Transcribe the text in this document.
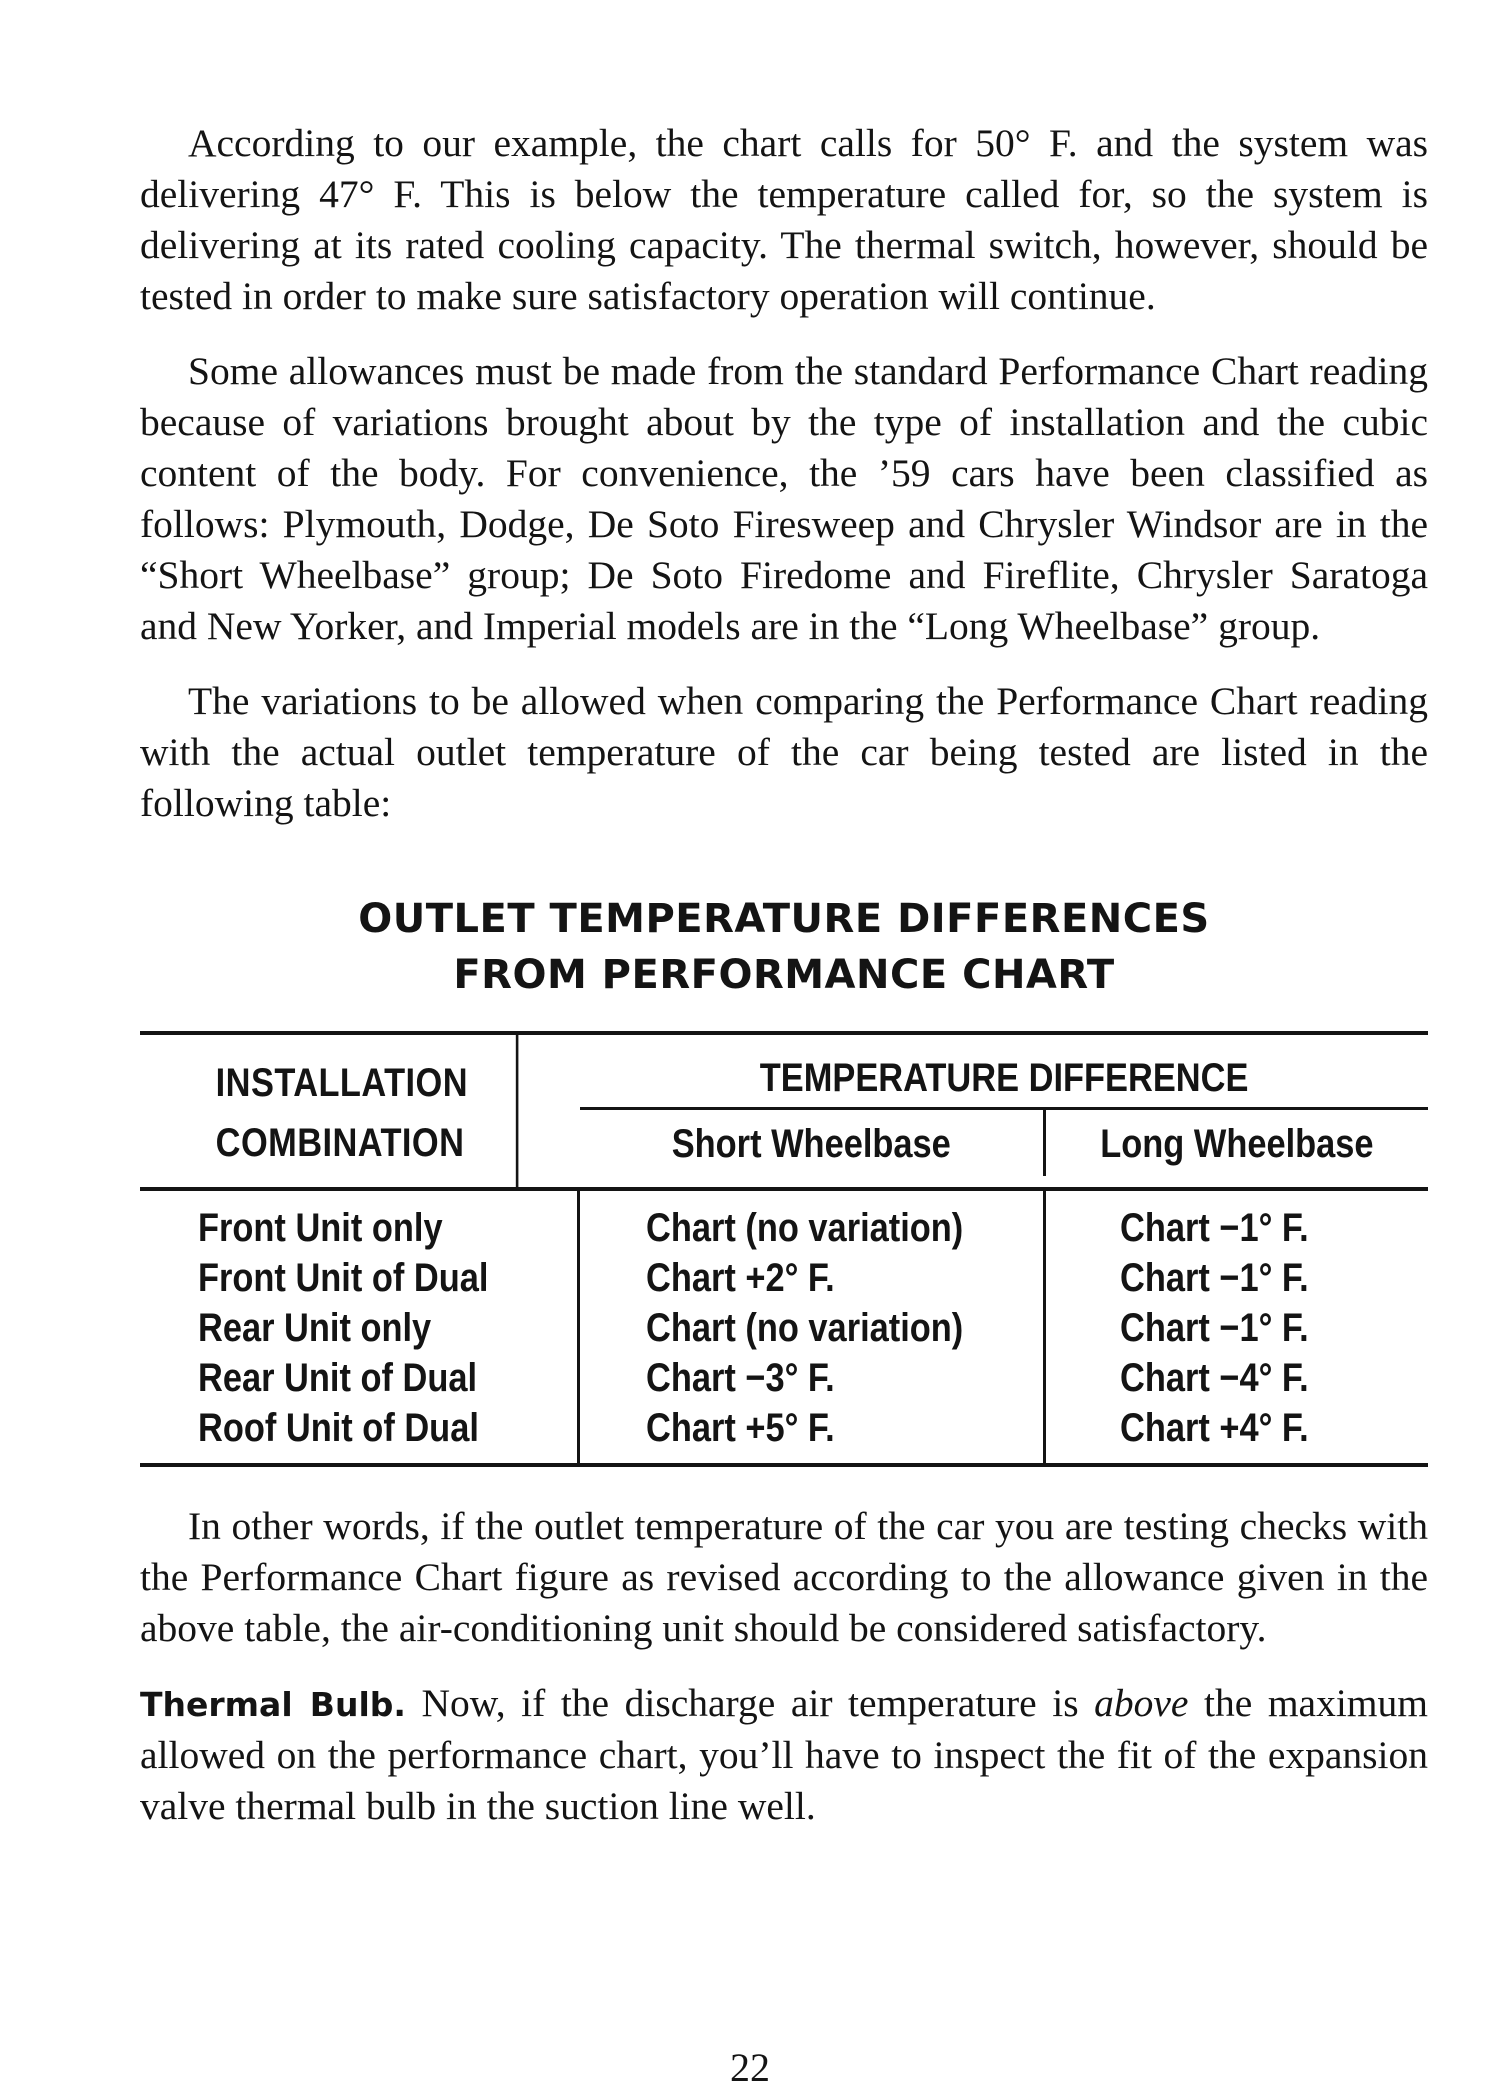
According to our example, the chart calls for 50° F. and the system was delivering 47° F. This is below the temperature called for, so the system is delivering at its rated cooling capacity. The thermal switch, however, should be tested in order to make sure satisfactory operation will continue.

Some allowances must be made from the standard Performance Chart reading because of variations brought about by the type of installation and the cubic content of the body. For convenience, the ’59 cars have been classified as follows: Plymouth, Dodge, De Soto Firesweep and Chrysler Windsor are in the “Short Wheelbase” group; De Soto Firedome and Fireflite, Chrysler Saratoga and New Yorker, and Imperial models are in the “Long Wheelbase” group.

The variations to be allowed when comparing the Performance Chart reading with the actual outlet temperature of the car being tested are listed in the following table:

OUTLET TEMPERATURE DIFFERENCES
FROM PERFORMANCE CHART
INSTALLATION
COMBINATION
TEMPERATURE DIFFERENCE
Short Wheelbase	Long Wheelbase
Front Unit only
Front Unit of Dual
Rear Unit only
Rear Unit of Dual
Roof Unit of Dual
Chart (no variation)
Chart +2° F.
Chart (no variation)
Chart −3° F.
Chart +5° F.
Chart −1° F.
Chart −1° F.
Chart −1° F.
Chart −4° F.
Chart +4° F.

In other words, if the outlet temperature of the car you are testing checks with the Performance Chart figure as revised according to the allowance given in the above table, the air-conditioning unit should be considered satisfactory.

Thermal Bulb. Now, if the discharge air temperature is above the maximum allowed on the performance chart, you’ll have to inspect the fit of the expansion valve thermal bulb in the suction line well.

22
